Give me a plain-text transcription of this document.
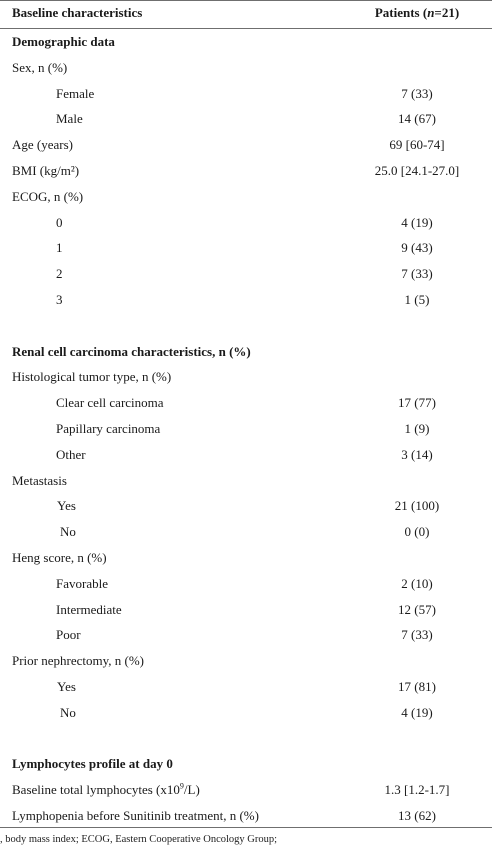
Baseline characteristics	Patients (n=21)
Demographic data
Sex, n (%)
Female	7 (33)
Male	14 (67)
Age (years)	69 [60-74]
BMI (kg/m²)	25.0 [24.1-27.0]
ECOG, n (%)
0	4 (19)
1	9 (43)
2	7 (33)
3	1 (5)
Renal cell carcinoma characteristics, n (%)
Histological tumor type, n (%)
Clear cell carcinoma	17 (77)
Papillary carcinoma	1 (9)
Other	3 (14)
Metastasis
Yes	21 (100)
No	0 (0)
Heng score, n (%)
Favorable	2 (10)
Intermediate	12 (57)
Poor	7 (33)
Prior nephrectomy, n (%)
Yes	17 (81)
No	4 (19)
Lymphocytes profile at day 0
Baseline total lymphocytes $(x10^9/L)$	1.3 [1.2-1.7]
Lymphopenia before Sunitinib treatment, n (%)	13 (62)
, body mass index; ECOG, Eastern Cooperative Oncology Group;
